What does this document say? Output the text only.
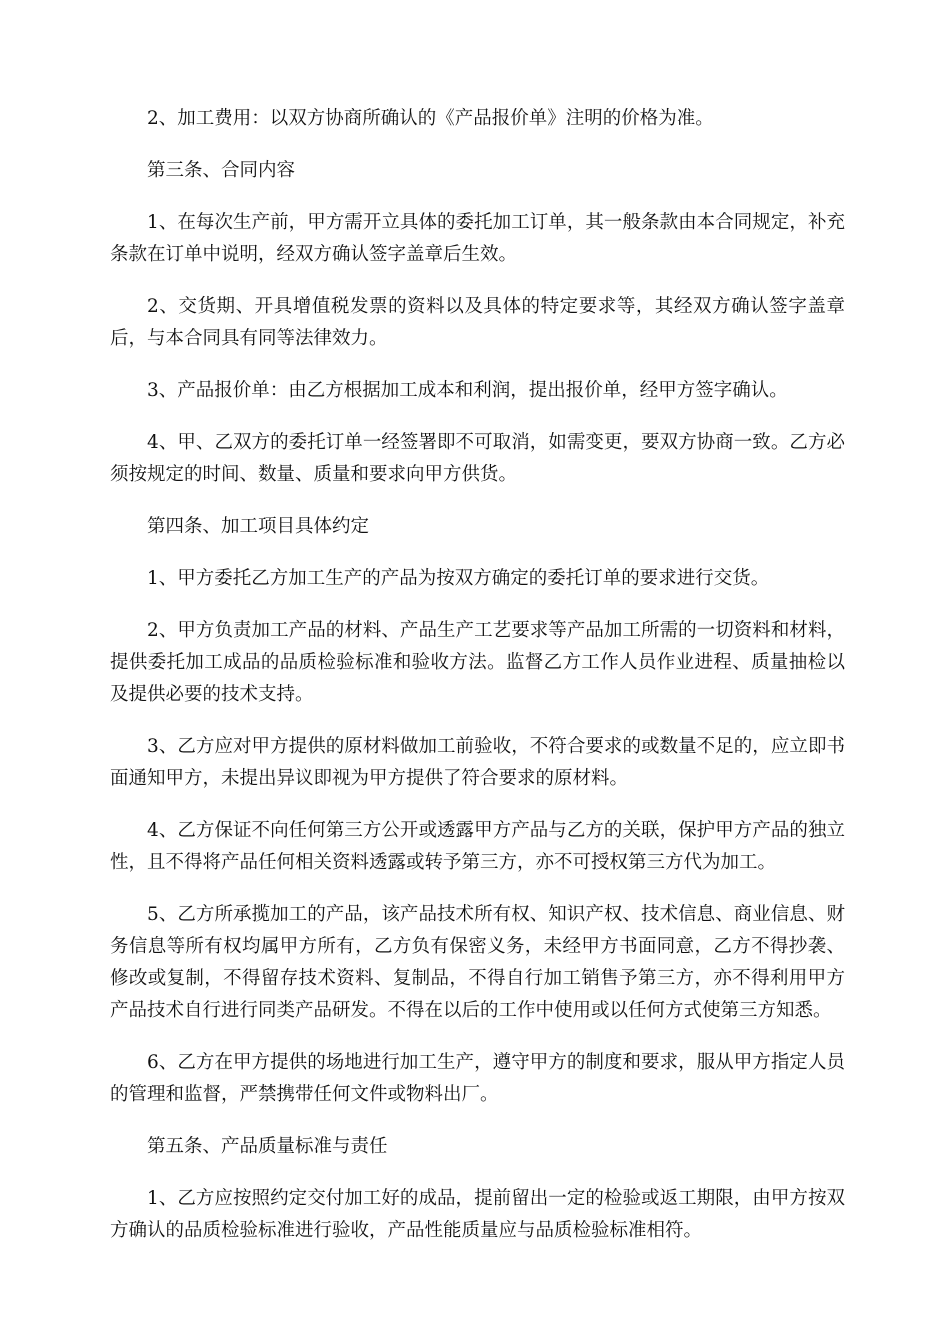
2、加工费用：以双方协商所确认的《产品报价单》注明的价格为准。

第三条、合同内容

1、在每次生产前，甲方需开立具体的委托加工订单，其一般条款由本合同规定，补充条款在订单中说明，经双方确认签字盖章后生效。

2、交货期、开具增值税发票的资料以及具体的特定要求等，其经双方确认签字盖章后，与本合同具有同等法律效力。

3、产品报价单：由乙方根据加工成本和利润，提出报价单，经甲方签字确认。

4、甲、乙双方的委托订单一经签署即不可取消，如需变更，要双方协商一致。乙方必须按规定的时间、数量、质量和要求向甲方供货。

第四条、加工项目具体约定

1、甲方委托乙方加工生产的产品为按双方确定的委托订单的要求进行交货。

2、甲方负责加工产品的材料、产品生产工艺要求等产品加工所需的一切资料和材料，提供委托加工成品的品质检验标准和验收方法。监督乙方工作人员作业进程、质量抽检以及提供必要的技术支持。

3、乙方应对甲方提供的原材料做加工前验收，不符合要求的或数量不足的，应立即书面通知甲方，未提出异议即视为甲方提供了符合要求的原材料。

4、乙方保证不向任何第三方公开或透露甲方产品与乙方的关联，保护甲方产品的独立性，且不得将产品任何相关资料透露或转予第三方，亦不可授权第三方代为加工。

5、乙方所承揽加工的产品，该产品技术所有权、知识产权、技术信息、商业信息、财务信息等所有权均属甲方所有，乙方负有保密义务，未经甲方书面同意，乙方不得抄袭、修改或复制，不得留存技术资料、复制品，不得自行加工销售予第三方，亦不得利用甲方产品技术自行进行同类产品研发。不得在以后的工作中使用或以任何方式使第三方知悉。

6、乙方在甲方提供的场地进行加工生产，遵守甲方的制度和要求，服从甲方指定人员的管理和监督，严禁携带任何文件或物料出厂。

第五条、产品质量标准与责任

1、乙方应按照约定交付加工好的成品，提前留出一定的检验或返工期限，由甲方按双方确认的品质检验标准进行验收，产品性能质量应与品质检验标准相符。
